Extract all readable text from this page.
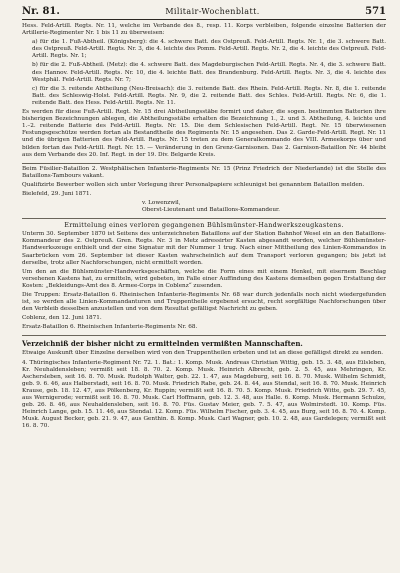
Nr. 81.	Militair-Wochenblatt.	571

Hess. Feld-Artill. Regts. Nr. 11, welche im Verbande des 8., resp. 11. Korps verbleiben, folgende einzelne Batterien der Artillerie-Regimenter Nr. 1 bis 11 zu überweisen:

a) für die 1. Fuß-Abtheil. (Königsberg): die 4. schwere Batt. des Ostpreuß. Feld-Artill. Regts. Nr. 1, die 3. schwere Batt. des Ostpreuß. Feld-Artill. Regts. Nr. 3, die 4. leichte des Pomm. Feld-Artill. Regts. Nr. 2, die 4. leichte des Ostpreuß. Feld-Artill. Regts. Nr. 1;

b) für die 2. Fuß-Abtheil. (Metz): die 4. schwere Batt. des Magdeburgischen Feld-Artill. Regts. Nr. 4, die 3. schwere Batt. des Hannov. Feld-Artill. Regts. Nr. 10, die 4. leichte Batt. des Brandenburg. Feld-Artill. Regts. Nr. 3, die 4. leichte des Westphäl. Feld-Artill. Regts. Nr. 7;

c) für die 3. reitende Abtheilung (Neu-Breisach): die 3. reitende Batt. des Rhein. Feld-Artill. Regts. Nr. 8, die 1. reitende Batt. des Schleswig-Holst. Feld-Artill. Regts. Nr. 9, die 2. reitende Batt. des Schles. Feld-Artill. Regts. Nr. 6, die 1. reitende Batt. des Hess. Feld-Artill. Regts. Nr. 11.

Es werden für diese Fuß-Artill. Regt. Nr. 15 drei Abtheilungsstäbe formirt und daher, die sogen. bestimmten Batterien ihre bisherigen Bezeichnungen ablegen, die Abtheilungsstäbe erhalten die Bezeichnung 1., 2. und 3. Abtheilung, 4. leichte und 1.–2. reitende Batterie des Feld-Artill. Regts. Nr. 15. Die dem Schlesischen Feld-Artill. Regt. Nr. 15 überwiesenen Festungsgeschütze werden fortan als Bestandtheile des Regiments Nr. 15 angesehen. Das 2. Garde-Feld-Artill. Regt. Nr. 11 und die übrigen Batterien des Feld-Artill. Regts. Nr. 15 treten zu dem Generalkommando des VIII. Armeekorps über und bilden fortan das Feld-Artill. Regt. Nr. 15. — Veränderung in den Grenz-Garnisonen. Das 2. Garnison-Bataillon Nr. 44 bleibt aus dem Verbande des 20. Inf. Regt. in der 19. Div. Belgarde Kreis.

Beim Füsilier-Bataillon 2. Westphälischen Infanterie-Regiments Nr. 15 (Prinz Friedrich der Niederlande) ist die Stelle des Bataillons-Tambours vakant.

Qualifizirte Bewerber wollen sich unter Vorlegung ihrer Personalpapiere schleunigst bei genanntem Bataillon melden.

Bielefeld, 29. Juni 1871.

v. Lowenzwil,
Oberst-Lieutenant und Bataillons-Kommandeur.
Ermittelung eines verloren gegangenen Bühlsmünster-Handwerkszeugkastens.

Unterm 30. September 1870 ist Seitens des unterzeichneten Bataillons auf der Station Bahnhof Wesel ein an den Bataillons-Kommandeur des 2. Ostpreuß. Gren. Regts. Nr. 3 in Metz adressirter Kasten abgesandt worden, welcher Bühlsmünster-Handwerkszeuge enthielt und der eine Signatur mit der Nummer 1 trug. Nach einer Mittheilung des Linien-Kommandos in Saarbrücken vom 26. September ist dieser Kasten wahrscheinlich auf dem Transport verloren gegangen; bis jetzt ist derselbe, trotz aller Nachforschungen, nicht ermittelt worden.

Um den an die Bühlsmünster-Handwerksgeschäften, welche die Form eines mit einem Henkel, mit eisernem Beschlag versehenen Kastens hat, zu ermitteln, wird gebeten, im Falle einer Auffindung des Kastens demselben gegen Erstattung der Kosten: „Bekleidungs-Amt des 8. Armee-Corps in Coblenz“ zusenden.

Die Truppen: Ersatz-Bataillon 6. Rheinischen Infanterie-Regiments Nr. 68 war durch jedenfalls noch nicht wiedergefunden ist, so werden alle Linien-Kommandanturen und Truppentheile ergebenst ersucht, recht sorgfältige Nachforschungen über den Verbleib desselben anzustellen und von dem Resultat gefälligst Nachricht zu geben.

Coblenz, den 12. Juni 1871.

Ersatz-Bataillon 6. Rheinischen Infanterie-Regiments Nr. 68.

Verzeichniß der bisher nicht zu ermittelnden vermißten Mannschaften.

Etwaige Auskunft über Einzelne derselben wird von den Truppentheilen erbeten und ist an diese gefälligst direkt zu senden.

4. Thüringisches Infanterie-Regiment Nr. 72. 1. Bat.: 1. Komp. Musk. Andreas Christian Wittig, geb. 15. 3. 48, aus Eilsleben, Kr. Neuhaldensleben; vermißt seit 18. 8. 70. 2. Komp. Musk. Heinrich Albrecht, geb. 2. 5. 45, aus Mehringen, Kr. Aschersleben, seit 16. 8. 70. Musk. Rudolph Walter, geb. 22. 1. 47, aus Magdeburg, seit 16. 8. 70. Musk. Wilhelm Schmidt, geb. 9. 6. 46, aus Halberstadt, seit 16. 8. 70. Musk. Friedrich Rabe, geb. 24. 8. 44, aus Stendal, seit 16. 8. 70. Musk. Heinrich Krause, geb. 18. 12. 47, aus Pölkenberg, Kr. Ruppin; vermißt seit 16. 8. 70. 5. Komp. Musk. Friedrich Witte, geb. 29. 7. 45, aus Wernigerode; vermißt seit 16. 8. 70. Musk. Carl Hoffmann, geb. 12. 3. 48, aus Halle. 6. Komp. Musk. Hermann Schulze, geb. 26. 8. 46, aus Neuhaldensleben, seit 16. 8. 70. Füs. Gustav Meier, geb. 7. 5. 47, aus Wolmirstedt. 10. Komp. Füs. Heinrich Lange, geb. 15. 11. 46, aus Stendal. 12. Komp. Füs. Wilhelm Fischer, geb. 3. 4. 45, aus Burg, seit 16. 8. 70. 4. Komp. Musk. August Becker, geb. 21. 9. 47, aus Genthin. 8. Komp. Musk. Carl Wagner, geb. 10. 2. 48, aus Gardelegen; vermißt seit 16. 8. 70.
